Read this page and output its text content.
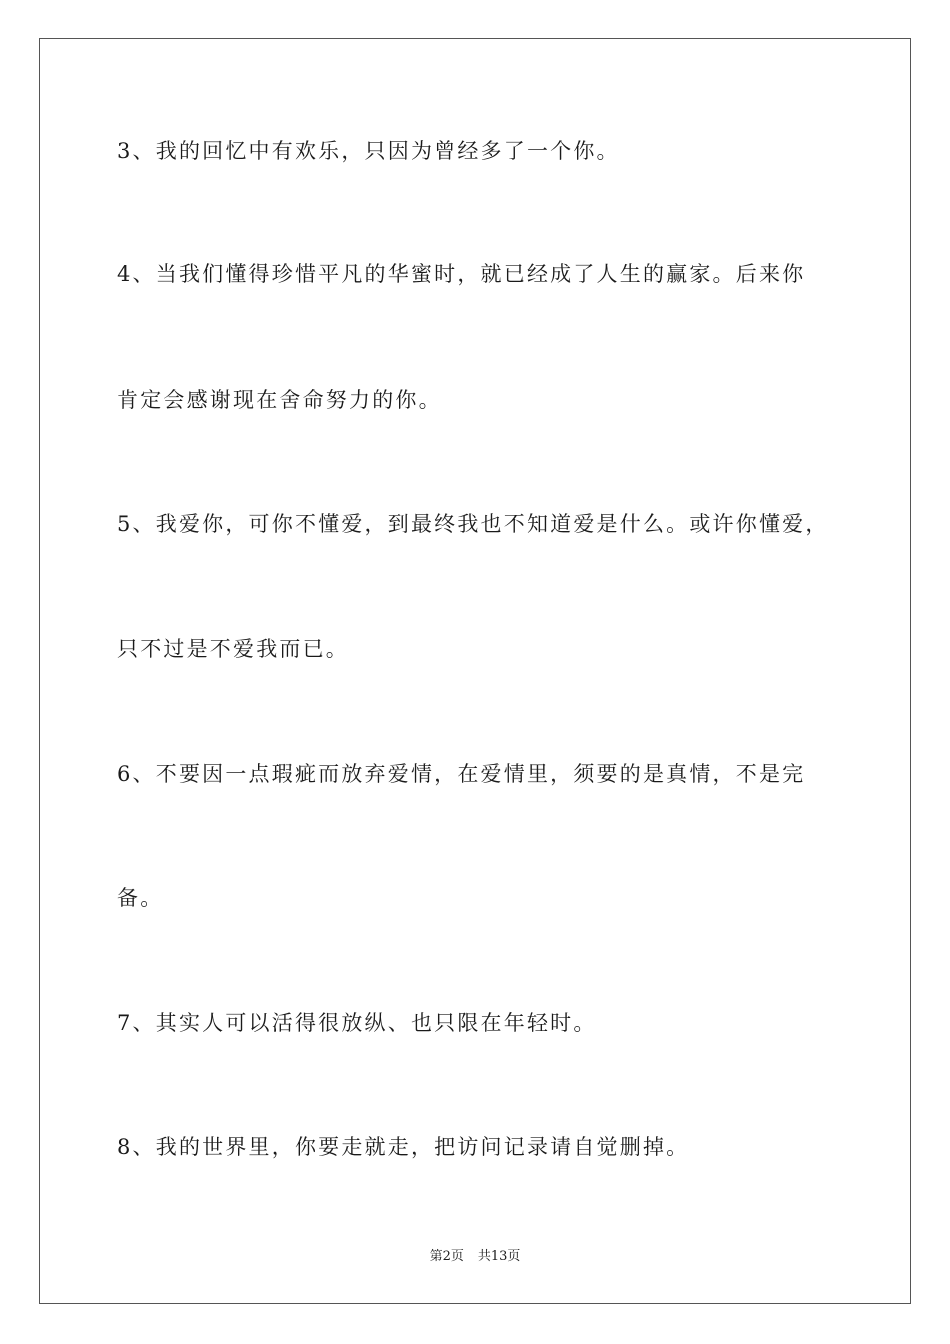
3、我的回忆中有欢乐，只因为曾经多了一个你。

4、当我们懂得珍惜平凡的华蜜时，就已经成了人生的赢家。后来你

肯定会感谢现在舍命努力的你。

5、我爱你，可你不懂爱，到最终我也不知道爱是什么。或许你懂爱，

只不过是不爱我而已。

6、不要因一点瑕疵而放弃爱情，在爱情里，须要的是真情，不是完

备。

7、其实人可以活得很放纵、也只限在年轻时。

8、我的世界里，你要走就走，把访问记录请自觉删掉。

第2页 共13页
